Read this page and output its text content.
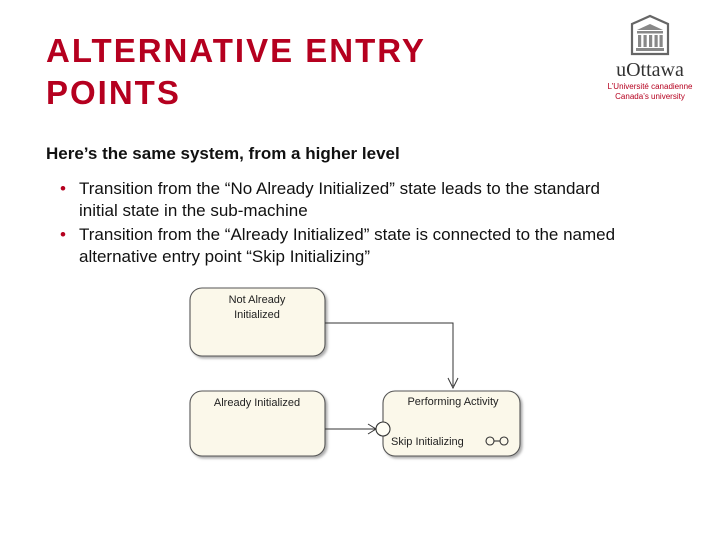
ALTERNATIVE ENTRY POINTS
uOttawa
L’Université canadienne
Canada’s university

Here’s the same system, from a higher level

• Transition from the “No Already Initialized” state leads to the standard initial state in the sub-machine
• Transition from the “Already Initialized” state is connected to the named alternative entry point “Skip Initializing”
Not Already
Initialized
Already Initialized	Performing Activity
Skip Initializing
